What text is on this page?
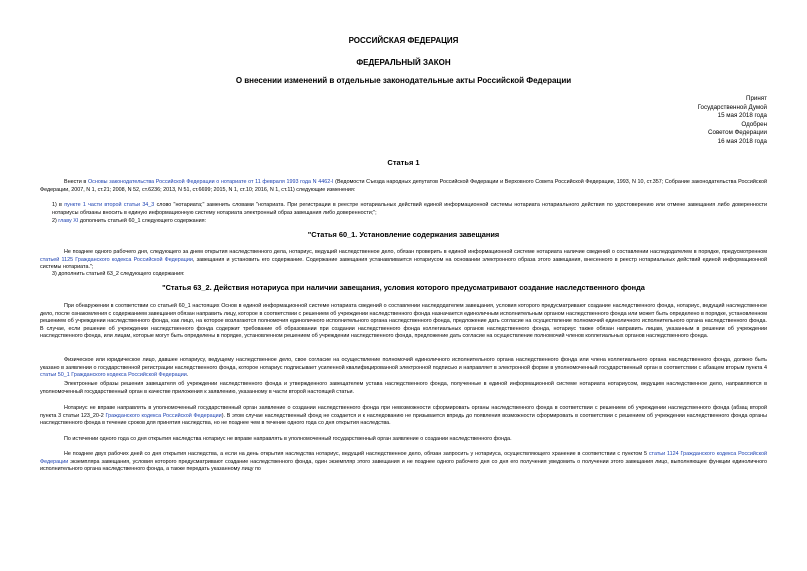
РОССИЙСКАЯ ФЕДЕРАЦИЯ
ФЕДЕРАЛЬНЫЙ ЗАКОН
О внесении изменений в отдельные законодательные акты Российской Федерации
Принят
Государственной Думой
15 мая 2018 года
Одобрен
Советом Федерации
16 мая 2018 года
Статья 1
Внести в Основы законодательства Российской Федерации о нотариате от 11 февраля 1993 года N 4462-I (Ведомости Съезда народных депутатов Российской Федерации и Верховного Совета Российской Федерации, 1993, N 10, ст.357; Собрание законодательства Российской Федерации, 2007, N 1, ст.21; 2008, N 52, ст.6236; 2013, N 51, ст.6699; 2015, N 1, ст.10; 2016, N 1, ст.11) следующие изменения:
1) в пункте 1 части второй статьи 34_3 слово "нотариата;" заменить словами "нотариата. При регистрации в реестре нотариальных действий единой информационной системы нотариата нотариального действия по удостоверению или отмене завещания либо доверенности нотариусы обязаны вносить в единую информационную систему нотариата электронный образ завещания либо доверенности;";
2) главу XI дополнить статьей 60_1 следующего содержания:
"Статья 60_1. Установление содержания завещания
Не позднее одного рабочего дня, следующего за днем открытия наследственного дела, нотариус, ведущий наследственное дело, обязан проверить в единой информационной системе нотариата наличие сведений о составлении наследодателем в порядке, предусмотренном статьей 1125 Гражданского кодекса Российской Федерации, завещания и установить его содержание. Содержание завещания устанавливается нотариусом на основании электронного образа этого завещания, внесенного в реестр нотариальных действий единой информационной системы нотариата.";
3) дополнить статьей 63_2 следующего содержания:
"Статья 63_2. Действия нотариуса при наличии завещания, условия которого предусматривают создание наследственного фонда
При обнаружении в соответствии со статьей 60_1 настоящих Основ в единой информационной системе нотариата сведений о составлении наследодателем завещания, условия которого предусматривают создание наследственного фонда, нотариус, ведущий наследственное дело, после ознакомления с содержанием завещания обязан направить лицу, которое в соответствии с решением об учреждении наследственного фонда назначается единоличным исполнительным органом наследственного фонда или может быть определено в порядке, установленном решением об учреждении наследственного фонда, как лицо, на которое возлагаются полномочия единоличного исполнительного органа наследственного фонда, предложение дать согласие на осуществление полномочий единоличного исполнительного органа наследственного фонда. В случае, если решение об учреждении наследственного фонда содержит требование об образовании при создании наследственного фонда коллегиальных органов наследственного фонда, нотариус также обязан направить лицам, указанным в решении об учреждении наследственного фонда, или лицам, которые могут быть определены в порядке, установленном решением об учреждении наследственного фонда, предложение дать согласие на осуществление полномочий членов коллегиальных органов наследственного фонда.
Физическое или юридическое лицо, давшее нотариусу, ведущему наследственное дело, свое согласие на осуществление полномочий единоличного исполнительного органа наследственного фонда или члена коллегиального органа наследственного фонда, должно быть указано в заявлении о государственной регистрации наследственного фонда, которое нотариус подписывает усиленной квалифицированной электронной подписью и направляет в электронной форме в уполномоченный государственный орган в соответствии с абзацем вторым пункта 4 статьи 50_1 Гражданского кодекса Российской Федерации.
Электронные образы решения завещателя об учреждении наследственного фонда и утвержденного завещателем устава наследственного фонда, полученные в единой информационной системе нотариата нотариусом, ведущим наследственное дело, направляются в уполномоченный государственный орган в качестве приложения к заявлению, указанному в части второй настоящей статьи.
Нотариус не вправе направлять в уполномоченный государственный орган заявление о создании наследственного фонда при невозможности сформировать органы наследственного фонда в соответствии с решением об учреждении наследственного фонда (абзац второй пункта 3 статьи 123_20-2 Гражданского кодекса Российской Федерации). В этом случае наследственный фонд не создается и к наследованию не призывается впредь до появления возможности сформировать в соответствии с решением об учреждении наследственного фонда органы наследственного фонда в течение сроков для принятия наследства, но не позднее чем в течение одного года со дня открытия наследства.
По истечении одного года со дня открытия наследства нотариус не вправе направлять в уполномоченный государственный орган заявление о создании наследственного фонда.
Не позднее двух рабочих дней со дня открытия наследства, а если на день открытия наследства нотариус, ведущий наследственное дело, обязан запросить у нотариуса, осуществляющего хранение в соответствии с пунктом 5 статьи 1124 Гражданского кодекса Российской Федерации экземпляра завещания, условия которого предусматривают создание наследственного фонда, один экземпляр этого завещания и не позднее одного рабочего дня со дня его получения уведомить о получении этого завещания лицо, выполняющее функции единоличного исполнительного органа наследственного фонда, а также передать указанному лицу по
